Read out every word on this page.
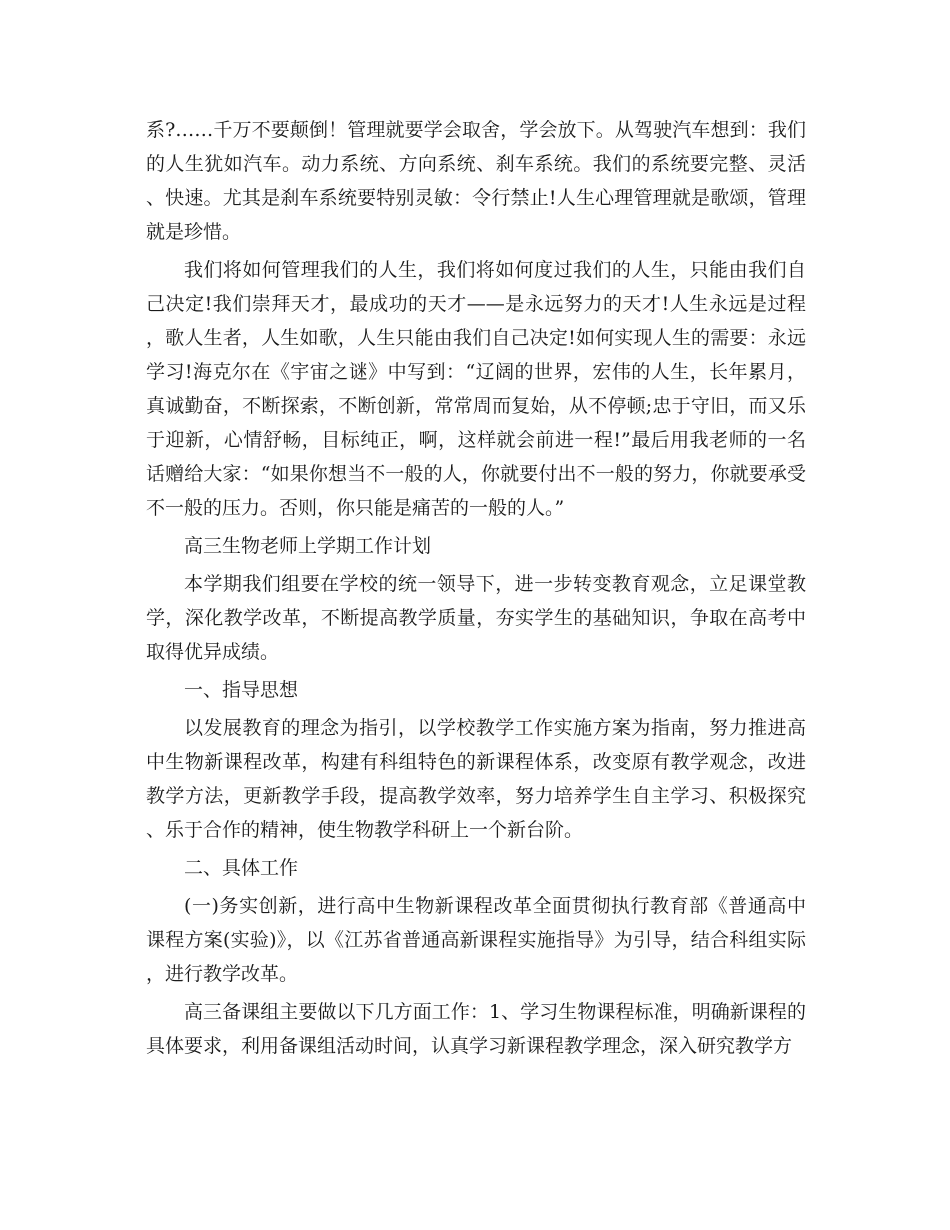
系?……千万不要颠倒！管理就要学会取舍，学会放下。从驾驶汽车想到：我们的人生犹如汽车。动力系统、方向系统、刹车系统。我们的系统要完整、灵活、快速。尤其是刹车系统要特别灵敏：令行禁止!人生心理管理就是歌颂，管理就是珍惜。

我们将如何管理我们的人生，我们将如何度过我们的人生，只能由我们自己决定!我们崇拜天才，最成功的天才——是永远努力的天才!人生永远是过程，歌人生者，人生如歌，人生只能由我们自己决定!如何实现人生的需要：永远学习!海克尔在《宇宙之谜》中写到：“辽阔的世界，宏伟的人生，长年累月，真诚勤奋，不断探索，不断创新，常常周而复始，从不停顿;忠于守旧，而又乐于迎新，心情舒畅，目标纯正，啊，这样就会前进一程!”最后用我老师的一名话赠给大家：“如果你想当不一般的人，你就要付出不一般的努力，你就要承受不一般的压力。否则，你只能是痛苦的一般的人。”

高三生物老师上学期工作计划

本学期我们组要在学校的统一领导下，进一步转变教育观念，立足课堂教学，深化教学改革，不断提高教学质量，夯实学生的基础知识，争取在高考中取得优异成绩。

一、指导思想

以发展教育的理念为指引，以学校教学工作实施方案为指南，努力推进高中生物新课程改革，构建有科组特色的新课程体系，改变原有教学观念，改进教学方法，更新教学手段，提高教学效率，努力培养学生自主学习、积极探究、乐于合作的精神，使生物教学科研上一个新台阶。

二、具体工作

(一)务实创新，进行高中生物新课程改革全面贯彻执行教育部《普通高中课程方案(实验)》，以《江苏省普通高新课程实施指导》为引导，结合科组实际，进行教学改革。

高三备课组主要做以下几方面工作：1、学习生物课程标准，明确新课程的具体要求，利用备课组活动时间，认真学习新课程教学理念，深入研究教学方
